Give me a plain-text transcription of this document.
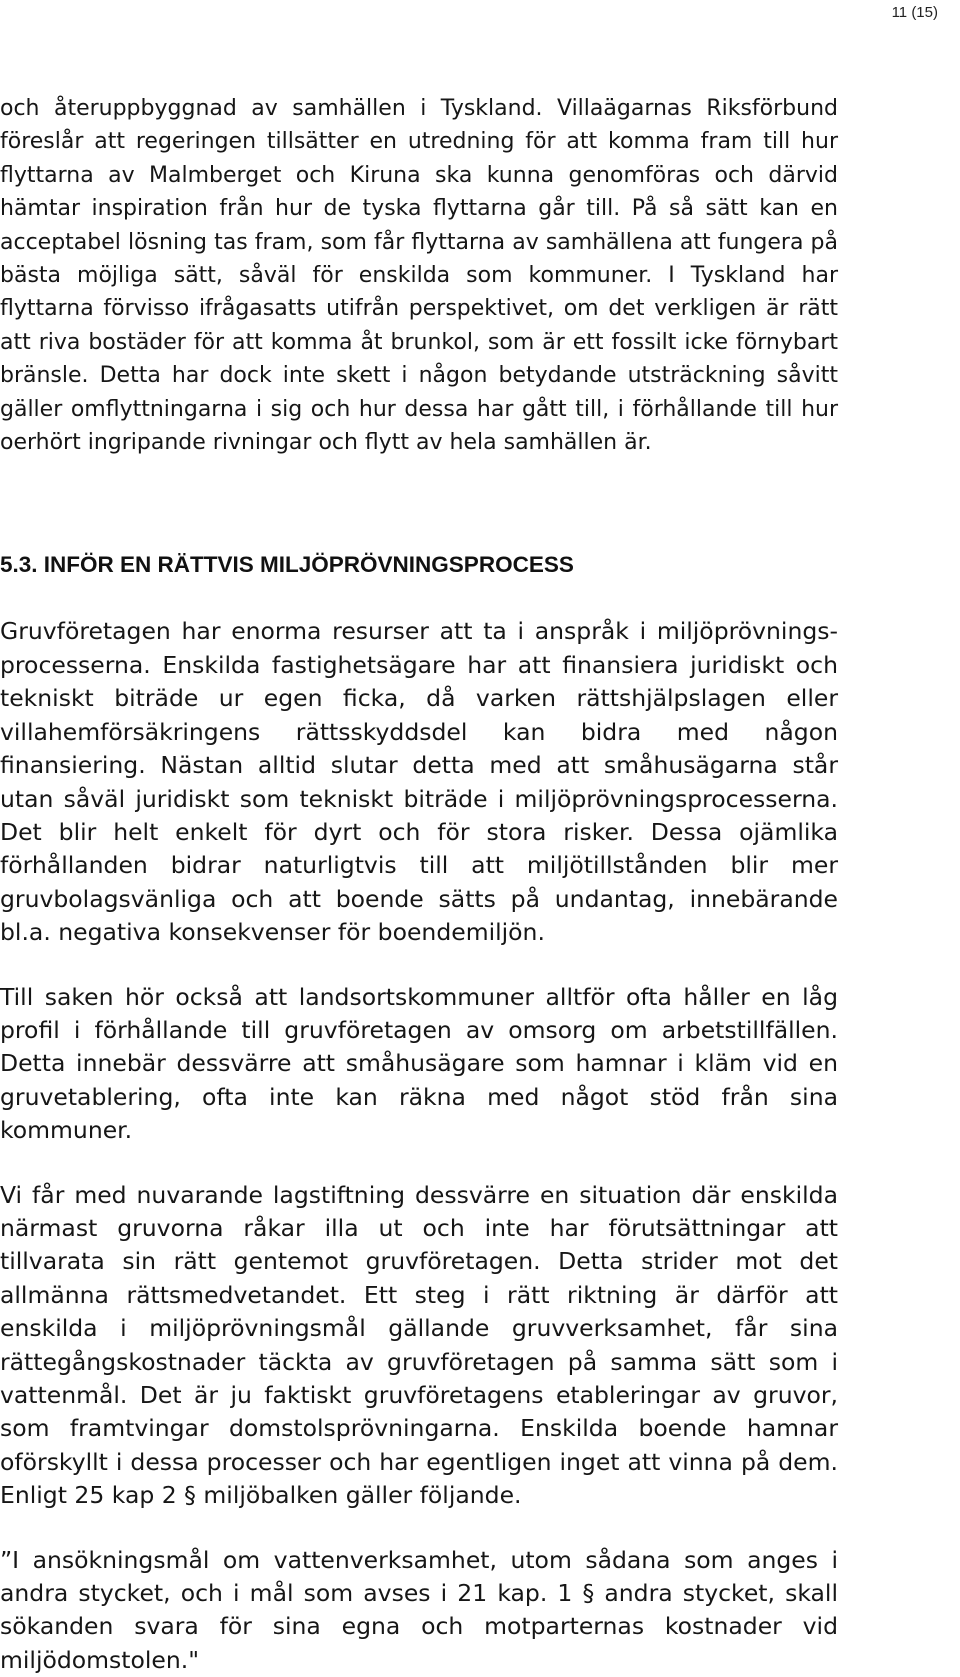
11 (15)

och återuppbyggnad av samhällen i Tyskland. Villaägarnas Riksförbund föreslår att regeringen tillsätter en utredning för att komma fram till hur flyttarna av Malmberget och Kiruna ska kunna genomföras och därvid hämtar inspiration från hur de tyska flyttarna går till. På så sätt kan en acceptabel lösning tas fram, som får flyttarna av samhällena att fungera på bästa möjliga sätt, såväl för enskilda som kommuner. I Tyskland har flyttarna förvisso ifrågasatts utifrån perspektivet, om det verkligen är rätt att riva bostäder för att komma åt brunkol, som är ett fossilt icke förnybart bränsle. Detta har dock inte skett i någon betydande utsträckning såvitt gäller omflyttningarna i sig och hur dessa har gått till, i förhållande till hur oerhört ingripande rivningar och flytt av hela samhällen är.

5.3. INFÖR EN RÄTTVIS MILJÖPRÖVNINGSPROCESS

Gruvföretagen har enorma resurser att ta i anspråk i miljöprövnings-processerna. Enskilda fastighetsägare har att finansiera juridiskt och tekniskt biträde ur egen ficka, då varken rättshjälpslagen eller villahemförsäkringens rättsskyddsdel kan bidra med någon finansiering. Nästan alltid slutar detta med att småhusägarna står utan såväl juridiskt som tekniskt biträde i miljöprövningsprocesserna. Det blir helt enkelt för dyrt och för stora risker. Dessa ojämlika förhållanden bidrar naturligtvis till att miljötillstånden blir mer gruvbolagsvänliga och att boende sätts på undantag, innebärande bl.a. negativa konsekvenser för boendemiljön.

Till saken hör också att landsortskommuner alltför ofta håller en låg profil i förhållande till gruvföretagen av omsorg om arbetstillfällen. Detta innebär dessvärre att småhusägare som hamnar i kläm vid en gruvetablering, ofta inte kan räkna med något stöd från sina kommuner.

Vi får med nuvarande lagstiftning dessvärre en situation där enskilda närmast gruvorna råkar illa ut och inte har förutsättningar att tillvarata sin rätt gentemot gruvföretagen. Detta strider mot det allmänna rättsmedvetandet. Ett steg i rätt riktning är därför att enskilda i miljöprövningsmål gällande gruvverksamhet, får sina rättegångskostnader täckta av gruvföretagen på samma sätt som i vattenmål. Det är ju faktiskt gruvföretagens etableringar av gruvor, som framtvingar domstolsprövningarna. Enskilda boende hamnar oförskyllt i dessa processer och har egentligen inget att vinna på dem. Enligt 25 kap 2 § miljöbalken gäller följande.

”I ansökningsmål om vattenverksamhet, utom sådana som anges i andra stycket, och i mål som avses i 21 kap. 1 § andra stycket, skall sökanden svara för sina egna och motparternas kostnader vid miljödomstolen."
